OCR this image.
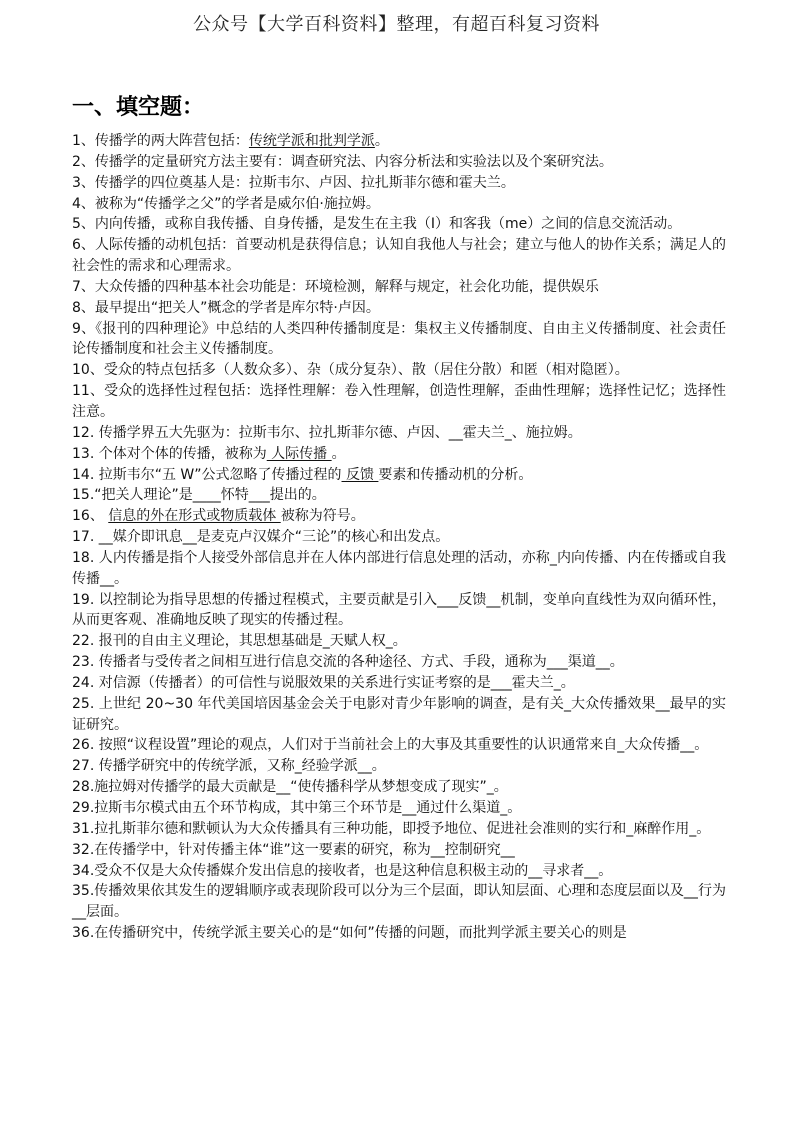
公众号【大学百科资料】整理，有超百科复习资料
一、填空题：

1、传播学的两大阵营包括：传统学派和批判学派。

2、传播学的定量研究方法主要有：调查研究法、内容分析法和实验法以及个案研究法。

3、传播学的四位奠基人是：拉斯韦尔、卢因、拉扎斯菲尔德和霍夫兰。

4、被称为“传播学之父”的学者是威尔伯·施拉姆。

5、内向传播，或称自我传播、自身传播，是发生在主我（I）和客我（me）之间的信息交流活动。

6、人际传播的动机包括：首要动机是获得信息；认知自我他人与社会；建立与他人的协作关系；满足人的社会性的需求和心理需求。

7、大众传播的四种基本社会功能是：环境检测，解释与规定，社会化功能，提供娱乐

8、最早提出“把关人”概念的学者是库尔特·卢因。

9、《报刊的四种理论》中总结的人类四种传播制度是：集权主义传播制度、自由主义传播制度、社会责任论传播制度和社会主义传播制度。

10、受众的特点包括多（人数众多）、杂（成分复杂）、散（居住分散）和匿（相对隐匿）。

11、受众的选择性过程包括：选择性理解：卷入性理解，创造性理解，歪曲性理解；选择性记忆；选择性注意。

12. 传播学界五大先驱为：拉斯韦尔、拉扎斯菲尔德、卢因、__霍夫兰_、施拉姆。

13. 个体对个体的传播，被称为 人际传播 。

14. 拉斯韦尔“五 W”公式忽略了传播过程的 反馈 要素和传播动机的分析。

15.“把关人理论”是____怀特___提出的。

16、 信息的外在形式或物质载体 被称为符号。

17. __媒介即讯息__是麦克卢汉媒介“三论”的核心和出发点。

18. 人内传播是指个人接受外部信息并在人体内部进行信息处理的活动，亦称_内向传播、内在传播或自我传播__。

19. 以控制论为指导思想的传播过程模式，主要贡献是引入___反馈__机制，变单向直线性为双向循环性，从而更客观、准确地反映了现实的传播过程。

22. 报刊的自由主义理论，其思想基础是_天赋人权_。

23. 传播者与受传者之间相互进行信息交流的各种途径、方式、手段，通称为___渠道__。

24. 对信源（传播者）的可信性与说服效果的关系进行实证考察的是___霍夫兰_。

25. 上世纪 20~30 年代美国培因基金会关于电影对青少年影响的调查，是有关_大众传播效果__最早的实证研究。

26. 按照“议程设置”理论的观点，人们对于当前社会上的大事及其重要性的认识通常来自_大众传播__。

27. 传播学研究中的传统学派，又称_经验学派__。

28.施拉姆对传播学的最大贡献是__“使传播科学从梦想变成了现实”_。

29.拉斯韦尔模式由五个环节构成，其中第三个环节是__通过什么渠道_。

31.拉扎斯菲尔德和默顿认为大众传播具有三种功能，即授予地位、促进社会准则的实行和_麻醉作用_。

32.在传播学中，针对传播主体“谁”这一要素的研究，称为__控制研究__

34.受众不仅是大众传播媒介发出信息的接收者，也是这种信息积极主动的__寻求者__。

35.传播效果依其发生的逻辑顺序或表现阶段可以分为三个层面，即认知层面、心理和态度层面以及__行为__层面。

36.在传播研究中，传统学派主要关心的是“如何”传播的问题，而批判学派主要关心的则是
